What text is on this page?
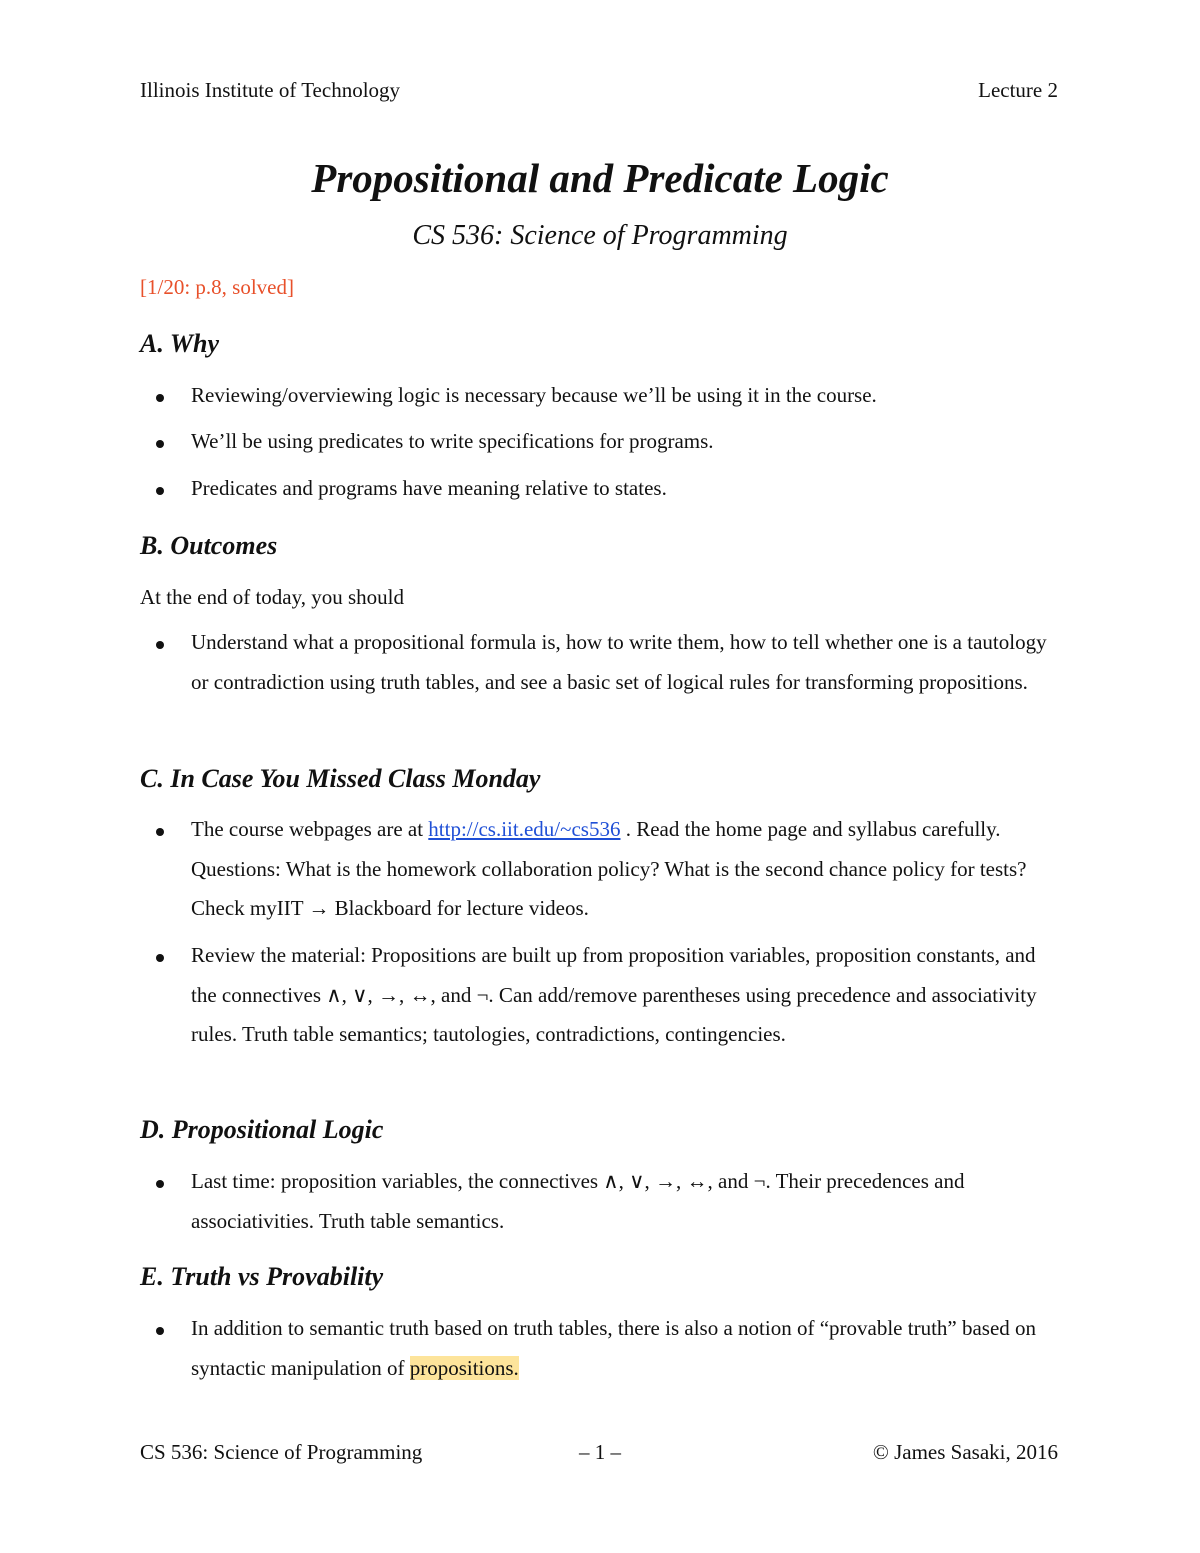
Illinois Institute of Technology	Lecture 2
Propositional and Predicate Logic
CS 536: Science of Programming
[1/20: p.8, solved]
A. Why
Reviewing/overviewing logic is necessary because we’ll be using it in the course.
We’ll be using predicates to write specifications for programs.
Predicates and programs have meaning relative to states.
B. Outcomes
At the end of today, you should
Understand what a propositional formula is, how to write them, how to tell whether one is a tautology or contradiction using truth tables, and see a basic set of logical rules for transforming propositions.
C. In Case You Missed Class Monday
The course webpages are at http://cs.iit.edu/~cs536 . Read the home page and syllabus carefully. Questions: What is the homework collaboration policy? What is the second chance policy for tests? Check myIIT → Blackboard for lecture videos.
Review the material: Propositions are built up from proposition variables, proposition constants, and the connectives ∧, ∨, →, ↔, and ¬. Can add/remove parentheses using precedence and associativity rules. Truth table semantics; tautologies, contradictions, contingencies.
D. Propositional Logic
Last time: proposition variables, the connectives ∧, ∨, →, ↔, and ¬. Their precedences and associativities. Truth table semantics.
E. Truth vs Provability
In addition to semantic truth based on truth tables, there is also a notion of “provable truth” based on syntactic manipulation of propositions.
CS 536: Science of Programming	– 1 –	© James Sasaki, 2016
